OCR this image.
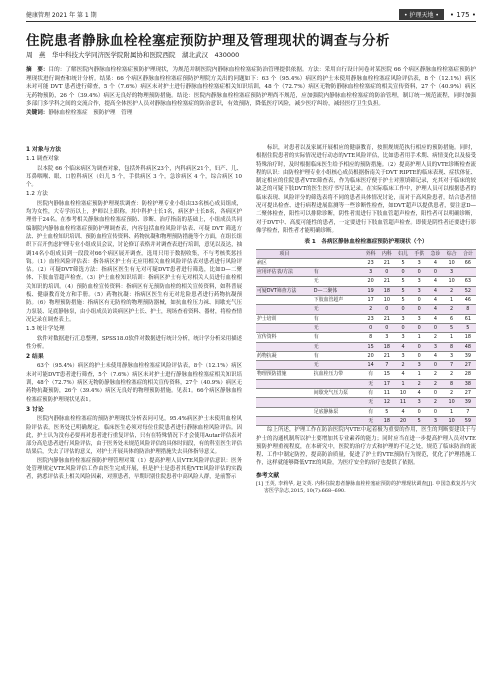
健康管理 2021 年 第 1 期	• 护理天地 •	• 175 •
住院患者静脉血栓栓塞症预防护理及管理现状的调查与分析
周　燕　华中科技大学同济医学院附属协和医院西院　湖北武汉　430000
摘　要：目的：了解医院内静脉血栓栓塞症预防护理现状，为规范并制医院内静脉血栓栓塞症防治管理提供依据。方法：采用自行设计问卷对某医院 66 个病区静脉血栓栓塞症预防护理现状进行调查和统计分析。结果：66 个病区静脉血栓栓塞症预防护理院方关出的问题如下：63 个（95.4%）病区的护士未使用静脉血栓栓塞症风险评估表，8 个（12.1%）病区未对可能 DVT 患者进行筛查，5 个（7.6%）病区未对护士进行静脉血栓栓塞症相关知识培训，48 个（72.7%）病区无物防静脉血栓栓塞症的相关宣传资料，27 个（40.9%）病区无药物预防，26 个（39.4%）病区无良好的物理预防措施。结论：医院内静脉血栓栓塞症预防护理尚不规范，应加强院内静脉血栓栓塞症的防治管理，制订统一规范流程，同时加强多部门多学科之间的交流合作，提高全体医护人员对静脉血栓栓塞症的防治意识，有效预防，降低医疗风险，减少医疗纠纷，减轻医疗卫生负担。
关键词：静脉血栓栓塞症　预防护理　管理
1 对象与方法
1.1 调查对象

以本院 66 个临床病区为调查对象，包括外科病区23个，内科病区21个，妇产、儿、耳鼻咽喉、眼、口腔科病区（妇儿 5 个，手供病区 3 个，急诊病区 4 个，综合病区 10 个。

1.2 方法

医院内静脉血栓栓塞症预防护理现状调查：防栓护理专业小组由33名核心成员组成，均为女性，大专学历以上，护师以上职称。其中科护士长1名，病区护士长8名，各病区护理骨干24名。在参考相关静脉血栓栓塞症预防、诊断、治疗指南的基础上，小组成员共同编制院内静脉血栓栓塞症预防护理调查表，内容包括血栓风险评估表、可疑 DVT 筛选方法、护士血栓知识培训、预防血栓宣传资料、药物抗凝和物理预防措施等个方面，在组长组织下召开焦虑护理专业小组成员会议，讨论修订表格并对调查表进行培训，意见以及达，抽调14名小组成员到一段段对66个病区展开调查，选用只用于数据收集，不与考核奖惩挂钩。（1）血栓风险评估表：指各病区护士有无应用相关血栓风险评估表对患者进行风险评估。（2）可疑DVT筛选方法：指病区医生有无对可疑DVT患者进行筛选，比如D—二聚体、下肢血管超声检查。（3）护士血栓知识培训：指病区护士有无对相关人员进行血栓相关知识的培训。（4）预防血栓宣传资料：指病区有无预防血栓的相关宣传资料，如科普展板、健康教育处方和手册。（5）药物抗凝：指病区医生有无对危险患者进行药物抗凝预防。（6）物理预防措施：指病区有无防栓的物理预防器械，如抗血栓压力袜、间歇充气压力泵装、足底静脉泵，由小组成员访谈病区护士长、护士，现场查看资料、器材，将检查情况记录在调查表上。

1.3 统计学处理

软件对数据进行汇总整理，SPSS18.0软件对数据进行统计分析，统计学分析采用描述性分析。

2 结果

63个（95.4%）病区的护士未使用静脉血栓栓塞症风险评估表，8个（12.1%）病区未对可能DVT患者进行筛查，5个（7.6%）病区未对护士进行静脉血栓栓塞症相关知识培训，48个（72.7%）病区无物防静脉血栓栓塞症的相关宣传资料，27个（40.9%）病区无药物抗凝预防，26个（39.4%）病区无良好的物理预防措施。见表1。66个病区静脉血栓栓塞症预防护理现状见表1。

3 讨论

医院内静脉血栓栓塞症的预防护理现状分析表问可见，95.4%病区护士未使用血栓风险评估表，医务处已明确规定，临床医生必须对每位住院患者进行静脉血栓风险评估。因此，护士认为没有必要再对患者进行重复评估，只有在特殊情况下才会使用Autar评估表对部分高危患者进行风险评估，由于医务处未规范风险评估的具体时间段，有的科室医生评估结果后，失去了评估的意义，对护士开展具体的防治护理措施失去具体指导意义。

医院内静脉血栓栓塞症预防护理管理对策（1）提高护理人员VTE风险评估意识：医务处管理规定VTE风险评估工作由医生完成开展，但是护士是患者其他VTE风险评估的实践者，熟悉评估表上相关风险因素，对照患者，早期识别住院患者中高风险人群，是前警示

标识，对患者以及家属开展相应的健康教育，按照规规范执行相应的预防措施。同时，根据住院患者的实际情况进行动态的VTE风险评估，比如患者用手术期、病情变化以及接受特殊治疗时，及时根据临床医生给予相应的预防措施。（2）提高护理人员的VTE诊断检查流程的认识：由防栓护理专业小组核心成员根据指南关于DVT RIPTE的临床表现、症状体征、制定相应的住院患者VTE筛查表，作为临床医疗便于护士对照填筛记录，充其对于临床的较缺乏的可疑下肢DVT的医生医疗书写讯记录。在实际临床工作中，护理人员可以根据患者的临床表现、风险评分的筛选表将不同的患者具体情况讨论，而对于高风险患者，结合患者情况可提出检查、进行病程进展监测等一些诊断性检查，如DVT超声以提供患者，要注意D—二聚体检查，阳性可以排除诊断，阴性者需进行下肢血管超声检查，阳性者可以明确诊断，对于DVT中、高度可能性的患者，一定要进行下肢血管超声检查。即使是阴性者还要进行影像学检查，阳性者才能明确诊断。

表 1　各病区静脉血栓栓塞症预防护理现状（个）
项目		外科	内科	妇儿	手供	急诊	综合	合计
病区		23	21	5	3	4	10	66
应用评估表/方法	有	3	0	0	0	0	3	
	无	20	21	5	3	4	10	63
可疑DVT筛查方法	D—二聚体	19	18	5	3	4	2	52
	下肢血管超声	17	10	5	0	4	1	46
	无	2	0	0	0	4	2	8
护士培训	有	23	21	3	3	4	6	61
	无	0	0	0	0	0	5	5
宣传资料	有	8	3	3	1	2	1	18
	无	15	18	4	0	3	8	48
药物抗凝	有	20	21	3	0	4	3	39
	无	14	7	2	3	0	7	27
物理预防措施	抗血栓压力带	有	15	4	1	2	2	28
		无	17	1	2	2	8	38
	间歇充气压力泵	有	11	10	4	0	2	27
		无	12	11	3	2	10	39
	足底静脉泵	有	5	4	0	0	1	7
		无	18	20	5	3	10	59

综上所述，护理工作在防治医院内VTE中起着极为重要的作用，医生的判断要建设于与护士的沟通机制所以护士要增加其专业素养的能力；同时应当在进一步提高护理人员对VTE预防护理重视程度，在本研究中，医院的治疗方式和护理的不足之处，规范了临床防治的流程、工作中制定防控，提高防治质量，促进了护士的VTE预防行为规范，优化了护理措施工作，这样就能够降低VTE的风险，为医疗安全的治疗也提供了依据。

参考文献
[1] 王英, 李莉华, 赵文英. 内科住院患者静脉血栓栓塞症预防的护理现状调查[J]. 中国急救复苏与灾害医学杂志,2015, 10(7):668--690.
